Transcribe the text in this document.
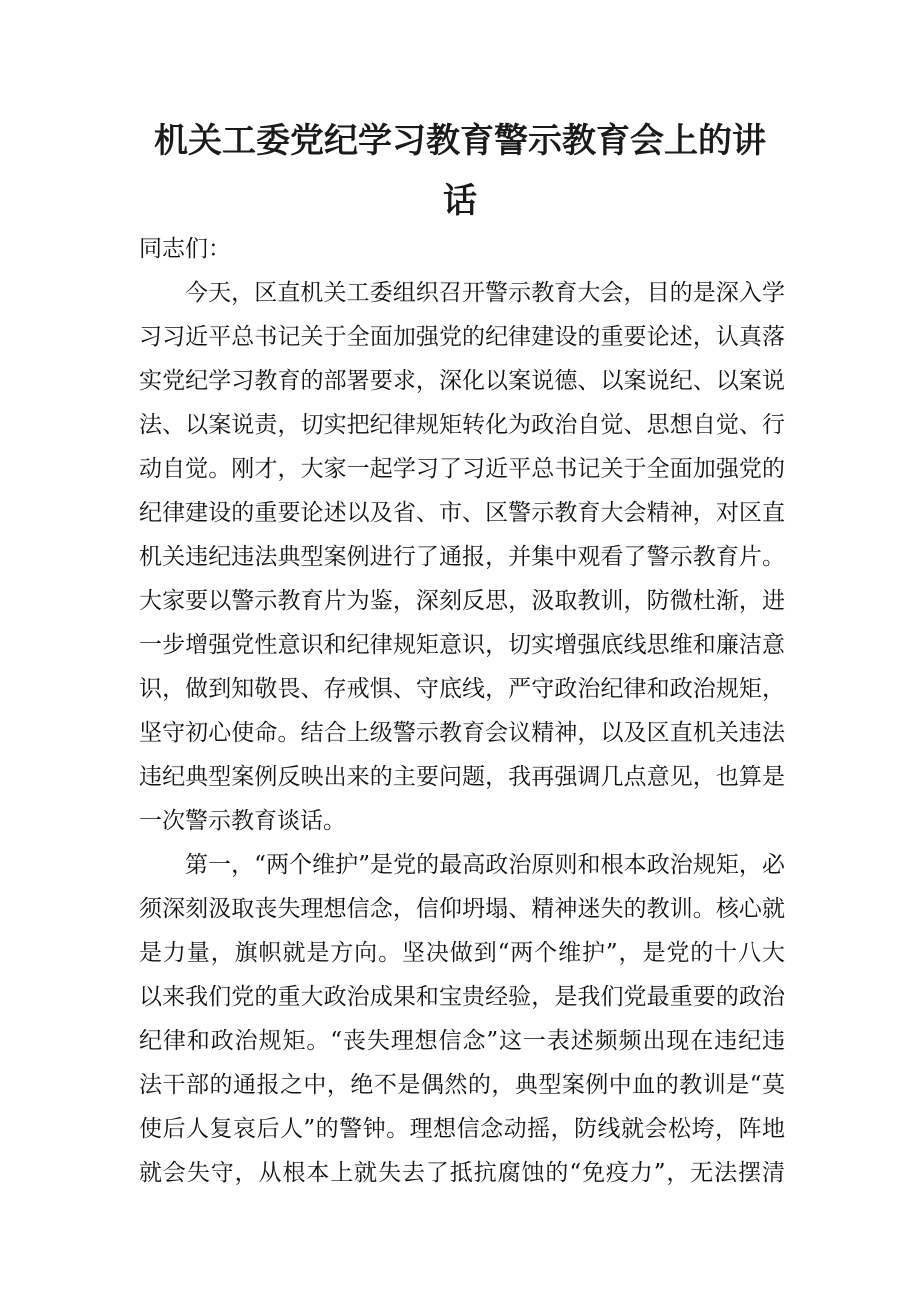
机关工委党纪学习教育警示教育会上的讲
话
同志们：
今天，区直机关工委组织召开警示教育大会，目的是深入学
习习近平总书记关于全面加强党的纪律建设的重要论述，认真落
实党纪学习教育的部署要求，深化以案说德、以案说纪、以案说
法、以案说责，切实把纪律规矩转化为政治自觉、思想自觉、行
动自觉。刚才，大家一起学习了习近平总书记关于全面加强党的
纪律建设的重要论述以及省、市、区警示教育大会精神，对区直
机关违纪违法典型案例进行了通报，并集中观看了警示教育片。
大家要以警示教育片为鉴，深刻反思，汲取教训，防微杜渐，进
一步增强党性意识和纪律规矩意识，切实增强底线思维和廉洁意
识，做到知敬畏、存戒惧、守底线，严守政治纪律和政治规矩，
坚守初心使命。结合上级警示教育会议精神，以及区直机关违法
违纪典型案例反映出来的主要问题，我再强调几点意见，也算是
一次警示教育谈话。
第一，“两个维护”是党的最高政治原则和根本政治规矩，必
须深刻汲取丧失理想信念，信仰坍塌、精神迷失的教训。核心就
是力量，旗帜就是方向。坚决做到“两个维护”，是党的十八大
以来我们党的重大政治成果和宝贵经验，是我们党最重要的政治
纪律和政治规矩。“丧失理想信念”这一表述频频出现在违纪违
法干部的通报之中，绝不是偶然的，典型案例中血的教训是“莫
使后人复哀后人”的警钟。理想信念动摇，防线就会松垮，阵地
就会失守，从根本上就失去了抵抗腐蚀的“免疫力”，无法摆清
